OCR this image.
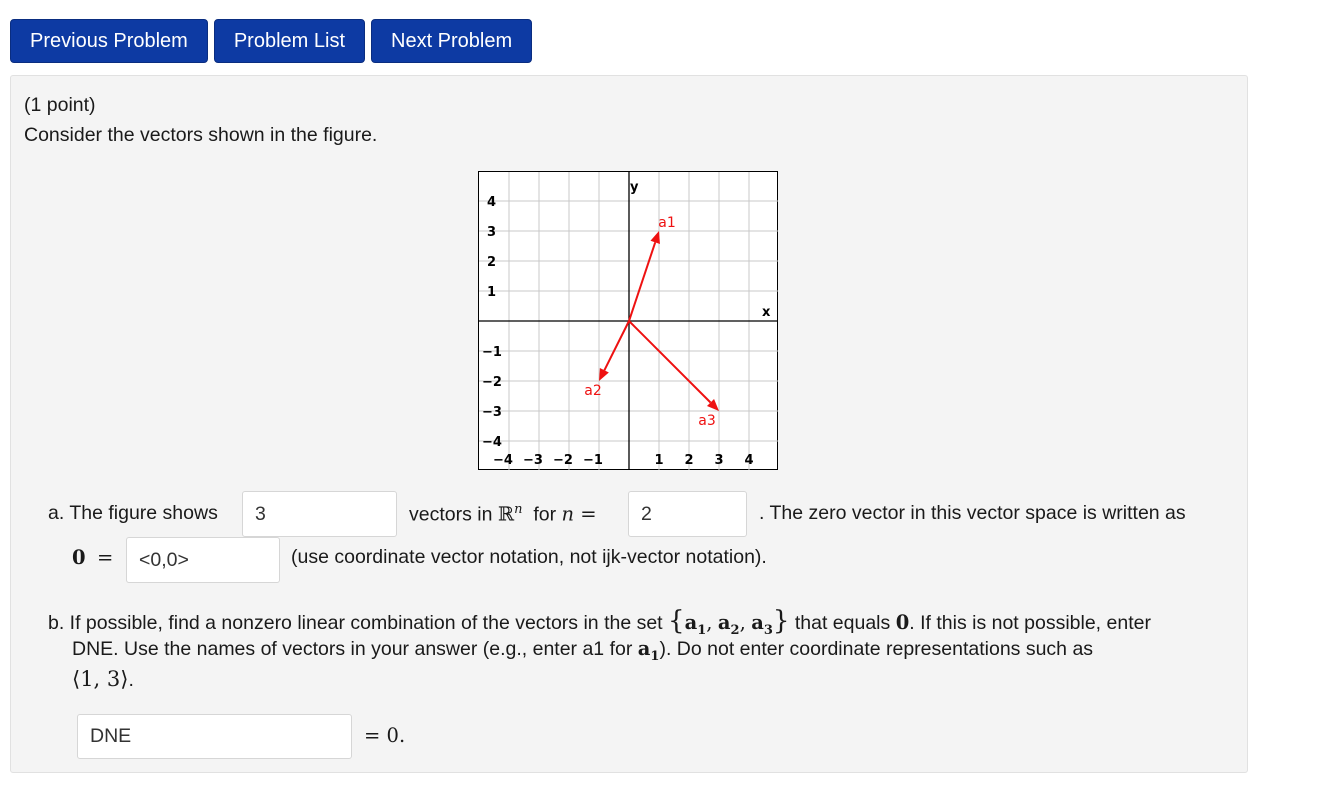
Previous Problem	Problem List	Next Problem
(1 point)
Consider the vectors shown in the figure.
−4 −3 −2 −1	1 2 3 4
4
3
2
1
−1
−2
−3
−4
x
y
a1
a2
a3
a. The figure shows
3	vectors in ℝ$^n$ for n =
2	. The zero vector in this vector space is written as
0 =
<0,0>	(use coordinate vector notation, not ijk-vector notation).
b. If possible, find a nonzero linear combination of the vectors in the set {$a_1$, $a_2$, $a_3$} that equals 0. If this is not possible, enter
DNE. Use the names of vectors in your answer (e.g., enter a1 for $a_1$). Do not enter coordinate representations such as
⟨1, 3⟩.
DNE
= 0.
